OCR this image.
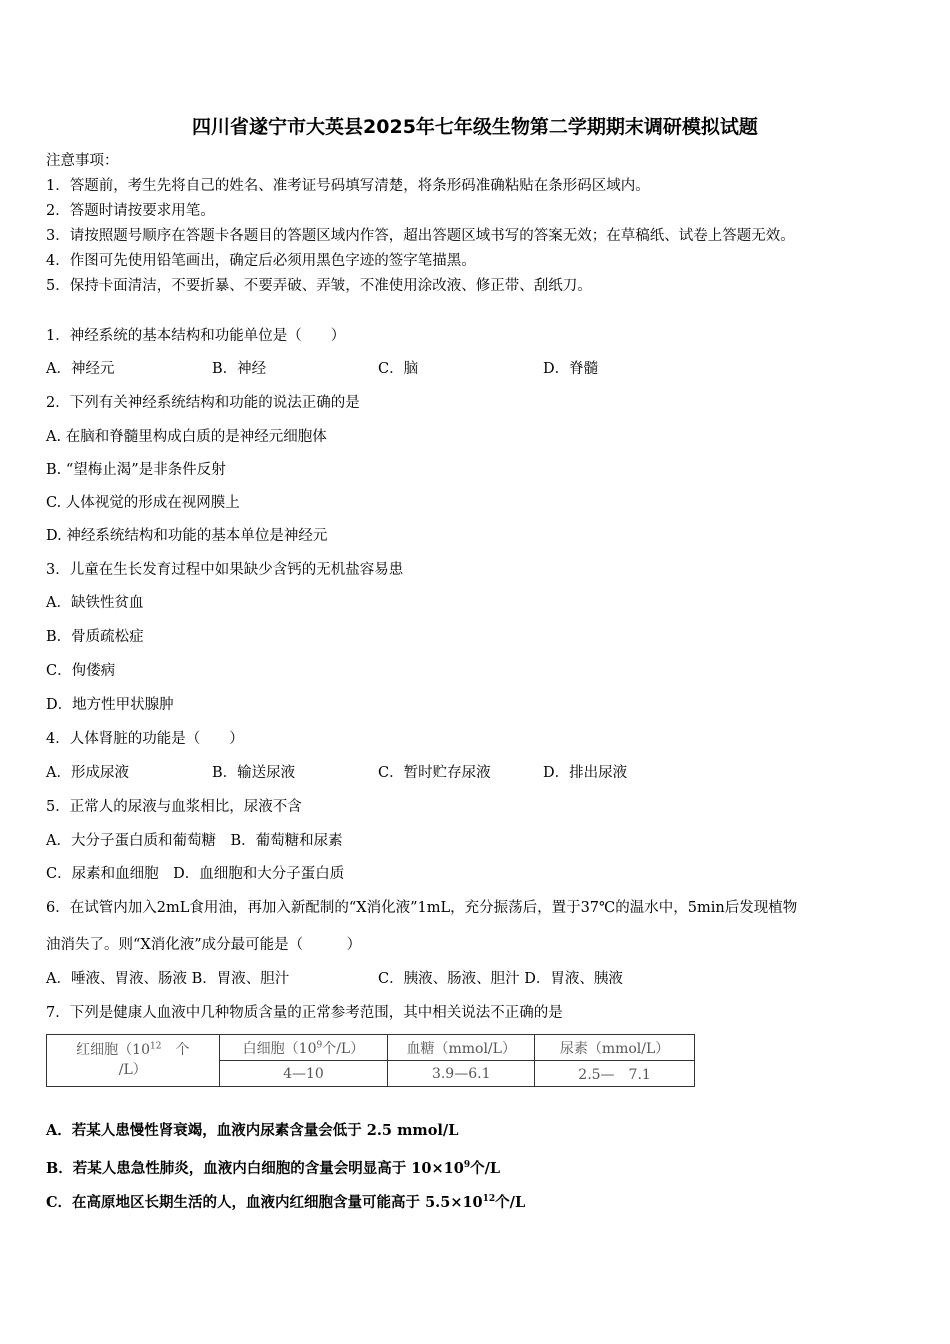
四川省遂宁市大英县2025年七年级生物第二学期期末调研模拟试题
注意事项：
1．答题前，考生先将自己的姓名、准考证号码填写清楚，将条形码准确粘贴在条形码区域内。
2．答题时请按要求用笔。
3．请按照题号顺序在答题卡各题目的答题区域内作答，超出答题区域书写的答案无效；在草稿纸、试卷上答题无效。
4．作图可先使用铅笔画出，确定后必须用黑色字迹的签字笔描黑。
5．保持卡面清洁，不要折暴、不要弄破、弄皱，不准使用涂改液、修正带、刮纸刀。
1．神经系统的基本结构和功能单位是（　　）
A．神经元	B．神经	C．脑	D．脊髓
2．下列有关神经系统结构和功能的说法正确的是
A. 在脑和脊髓里构成白质的是神经元细胞体
B. “望梅止渴”是非条件反射
C. 人体视觉的形成在视网膜上
D. 神经系统结构和功能的基本单位是神经元
3．儿童在生长发育过程中如果缺少含钙的无机盐容易患
A．缺铁性贫血
B．骨质疏松症
C．佝偻病
D．地方性甲状腺肿
4．人体肾脏的功能是（　　）
A．形成尿液	B．输送尿液	C．暂时贮存尿液	D．排出尿液
5．正常人的尿液与血浆相比，尿液不含
A．大分子蛋白质和葡萄糖　B．葡萄糖和尿素
C．尿素和血细胞　D．血细胞和大分子蛋白质
6．在试管内加入2mL食用油，再加入新配制的“X消化液”1mL，充分振荡后，置于37℃的温水中，5min后发现植物
油消失了。则“X消化液”成分最可能是（　　　）
A．唾液、胃液、肠液 B．胃液、胆汁	C．胰液、肠液、胆汁 D．胃液、胰液
7．下列是健康人血液中几种物质含量的正常参考范围，其中相关说法不正确的是
红细胞（$10^{12}$ 个
/L）	白细胞（$10^9$个/L）	血糖（mmol/L）	尿素（mmol/L）
	4—10	3.9—6.1	2.5—　7.1
A．若某人患慢性肾衰竭，血液内尿素含量会低于 2.5 mmol/L
B．若某人患急性肺炎，血液内白细胞的含量会明显高于 $10\times 10^9$个/L
C．在高原地区长期生活的人，血液内红细胞含量可能高于 $5.5\times 10^{12}$个/L
